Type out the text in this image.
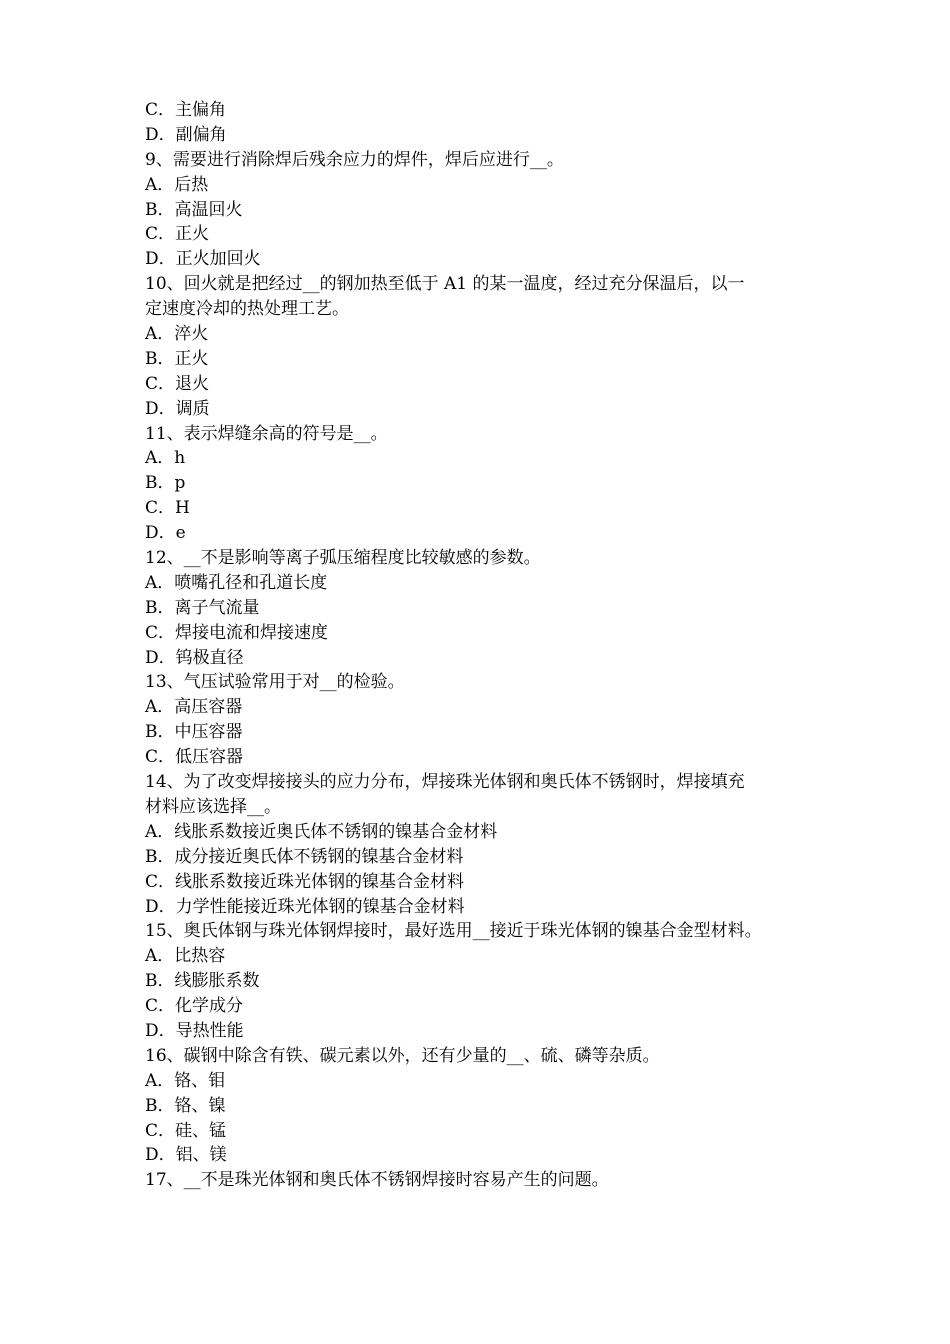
C．主偏角
D．副偏角
9、需要进行消除焊后残余应力的焊件，焊后应进行__。
A．后热
B．高温回火
C．正火
D．正火加回火
10、回火就是把经过__的钢加热至低于 A1 的某一温度，经过充分保温后，以一
定速度冷却的热处理工艺。
A．淬火
B．正火
C．退火
D．调质
11、表示焊缝余高的符号是__。
A．h
B．p
C．H
D．e
12、__不是影响等离子弧压缩程度比较敏感的参数。
A．喷嘴孔径和孔道长度
B．离子气流量
C．焊接电流和焊接速度
D．钨极直径
13、气压试验常用于对__的检验。
A．高压容器
B．中压容器
C．低压容器
14、为了改变焊接接头的应力分布，焊接珠光体钢和奥氏体不锈钢时，焊接填充
材料应该选择__。
A．线胀系数接近奥氏体不锈钢的镍基合金材料
B．成分接近奥氏体不锈钢的镍基合金材料
C．线胀系数接近珠光体钢的镍基合金材料
D．力学性能接近珠光体钢的镍基合金材料
15、奥氏体钢与珠光体钢焊接时，最好选用__接近于珠光体钢的镍基合金型材料。
A．比热容
B．线膨胀系数
C．化学成分
D．导热性能
16、碳钢中除含有铁、碳元素以外，还有少量的__、硫、磷等杂质。
A．铬、钼
B．铬、镍
C．硅、锰
D．铝、镁
17、__不是珠光体钢和奥氏体不锈钢焊接时容易产生的问题。
